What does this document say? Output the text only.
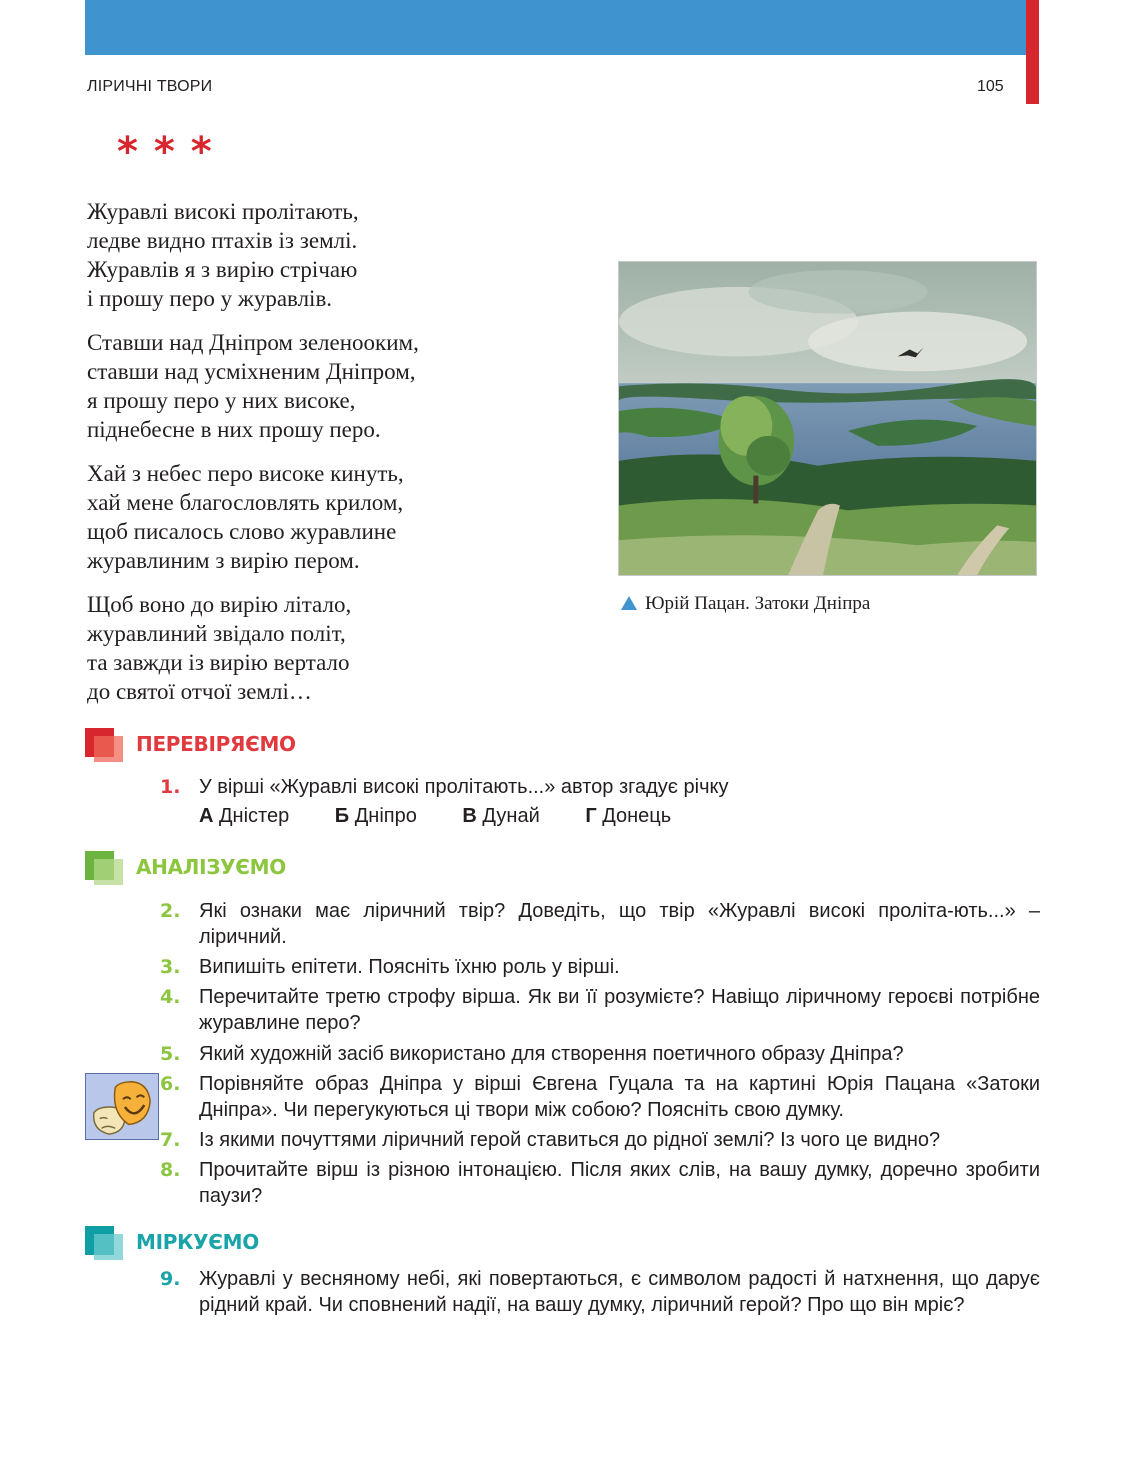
ЛІРИЧНІ ТВОРИ	105
* * *
Журавлі високі пролітають,
ледве видно птахів із землі.
Журавлів я з вирію стрічаю
і прошу перо у журавлів.
Ставши над Дніпром зеленооким,
ставши над усміхненим Дніпром,
я прошу перо у них високе,
піднебесне в них прошу перо.
Хай з небес перо високе кинуть,
хай мене благословлять крилом,
щоб писалось слово журавлине
журавлиним з вирію пером.
Щоб воно до вирію літало,
журавлиний звідало політ,
та завжди із вирію вертало
до святої отчої землі…
Юрій Пацан. Затоки Дніпра
ПЕРЕВІРЯЄМО
1. У вірші «Журавлі високі пролітають...» автор згадує річку
А Дністер Б Дніпро В Дунай Г Донець
АНАЛІЗУЄМО
2. Які ознаки має ліричний твір? Доведіть, що твір «Журавлі високі проліта-ють...» – ліричний.
3. Випишіть епітети. Поясніть їхню роль у вірші.
4. Перечитайте третю строфу вірша. Як ви її розумієте? Навіщо ліричному героєві потрібне журавлине перо?
5. Який художній засіб використано для створення поетичного образу Дніпра?
6. Порівняйте образ Дніпра у вірші Євгена Гуцала та на картині Юрія Пацана «Затоки Дніпра». Чи перегукуються ці твори між собою? Поясніть свою думку.
7. Із якими почуттями ліричний герой ставиться до рідної землі? Із чого це видно?
8. Прочитайте вірш із різною інтонацією. Після яких слів, на вашу думку, доречно зробити паузи?
МІРКУЄМО
9. Журавлі у весняному небі, які повертаються, є символом радості й натхнення, що дарує рідний край. Чи сповнений надії, на вашу думку, ліричний герой? Про що він мріє?
